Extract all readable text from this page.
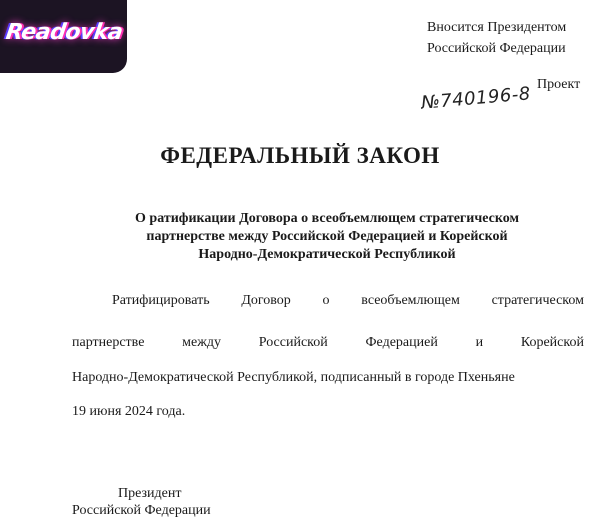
Readovka	Вносится Президентом
Российской Федерации
Проект
№740196-8
ФЕДЕРАЛЬНЫЙ ЗАКОН
О ратификации Договора о всеобъемлющем стратегическом
партнерстве между Российской Федерацией и Корейской
Народно-Демократической Республикой
Ратифицировать Договор о всеобъемлющем стратегическом
партнерстве	между	Российской	Федерацией	и	Корейской
Народно-Демократической Республикой, подписанный в городе Пхеньяне
19 июня 2024 года.
Президент
Российской Федерации
